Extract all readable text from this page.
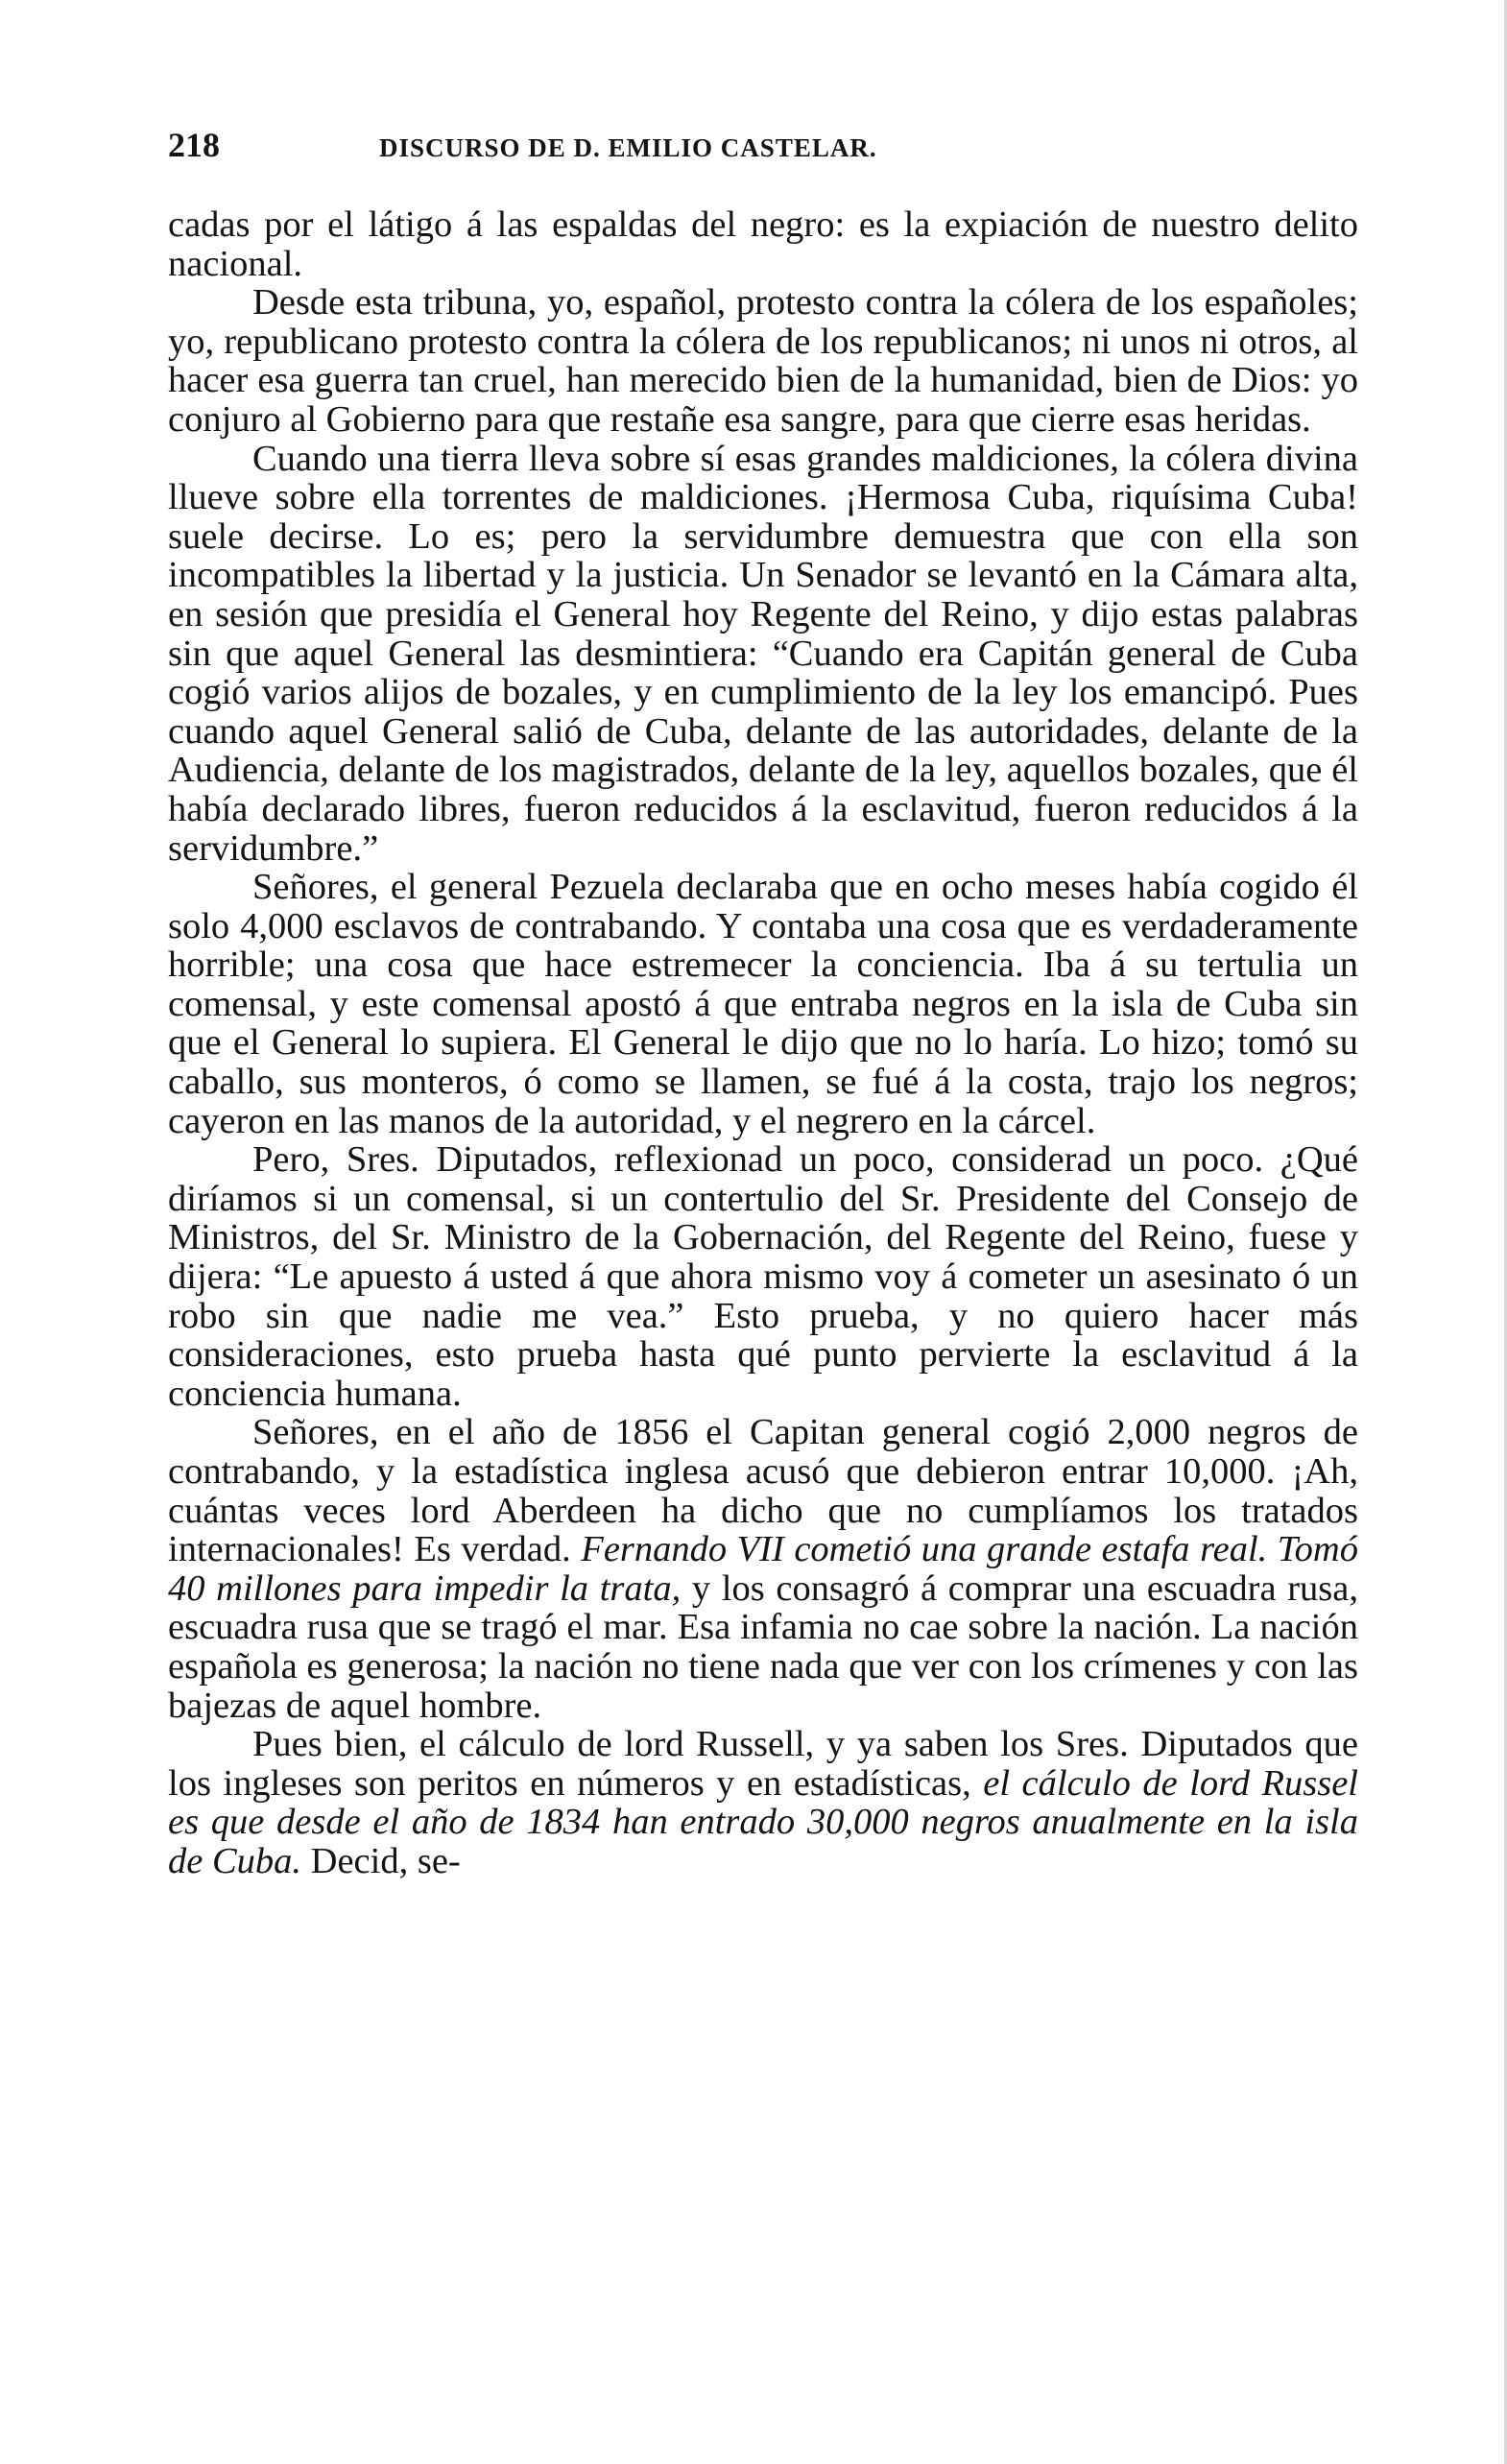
218	DISCURSO DE D. EMILIO CASTELAR.

cadas por el látigo á las espaldas del negro: es la expiación de nuestro delito nacional.

Desde esta tribuna, yo, español, protesto contra la cólera de los españoles; yo, republicano protesto contra la cólera de los republicanos; ni unos ni otros, al hacer esa guerra tan cruel, han merecido bien de la humanidad, bien de Dios: yo conjuro al Gobierno para que restañe esa sangre, para que cierre esas heridas.

Cuando una tierra lleva sobre sí esas grandes maldiciones, la cólera divina llueve sobre ella torrentes de maldiciones. ¡Hermosa Cuba, riquísima Cuba! suele decirse. Lo es; pero la servidumbre demuestra que con ella son incompatibles la libertad y la justicia. Un Senador se levantó en la Cámara alta, en sesión que presidía el General hoy Regente del Reino, y dijo estas palabras sin que aquel General las desmintiera: “Cuando era Capitán general de Cuba cogió varios alijos de bozales, y en cumplimiento de la ley los emancipó. Pues cuando aquel General salió de Cuba, delante de las autoridades, delante de la Audiencia, delante de los magistrados, delante de la ley, aquellos bozales, que él había declarado libres, fueron reducidos á la esclavitud, fueron reducidos á la servidumbre.”

Señores, el general Pezuela declaraba que en ocho meses había cogido él solo 4,000 esclavos de contrabando. Y contaba una cosa que es verdaderamente horrible; una cosa que hace estremecer la conciencia. Iba á su tertulia un comensal, y este comensal apostó á que entraba negros en la isla de Cuba sin que el General lo supiera. El General le dijo que no lo haría. Lo hizo; tomó su caballo, sus monteros, ó como se llamen, se fué á la costa, trajo los negros; cayeron en las manos de la autoridad, y el negrero en la cárcel.

Pero, Sres. Diputados, reflexionad un poco, considerad un poco. ¿Qué diríamos si un comensal, si un contertulio del Sr. Presidente del Consejo de Ministros, del Sr. Ministro de la Gobernación, del Regente del Reino, fuese y dijera: “Le apuesto á usted á que ahora mismo voy á cometer un asesinato ó un robo sin que nadie me vea.” Esto prueba, y no quiero hacer más consideraciones, esto prueba hasta qué punto pervierte la esclavitud á la conciencia humana.

Señores, en el año de 1856 el Capitan general cogió 2,000 negros de contrabando, y la estadística inglesa acusó que debieron entrar 10,000. ¡Ah, cuántas veces lord Aberdeen ha dicho que no cumplíamos los tratados internacionales! Es verdad. Fernando VII cometió una grande estafa real. Tomó 40 millones para impedir la trata, y los consagró á comprar una escuadra rusa, escuadra rusa que se tragó el mar. Esa infamia no cae sobre la nación. La nación española es generosa; la nación no tiene nada que ver con los crímenes y con las bajezas de aquel hombre.

Pues bien, el cálculo de lord Russell, y ya saben los Sres. Diputados que los ingleses son peritos en números y en estadísticas, el cálculo de lord Russel es que desde el año de 1834 han entrado 30,000 negros anualmente en la isla de Cuba. Decid, se-
